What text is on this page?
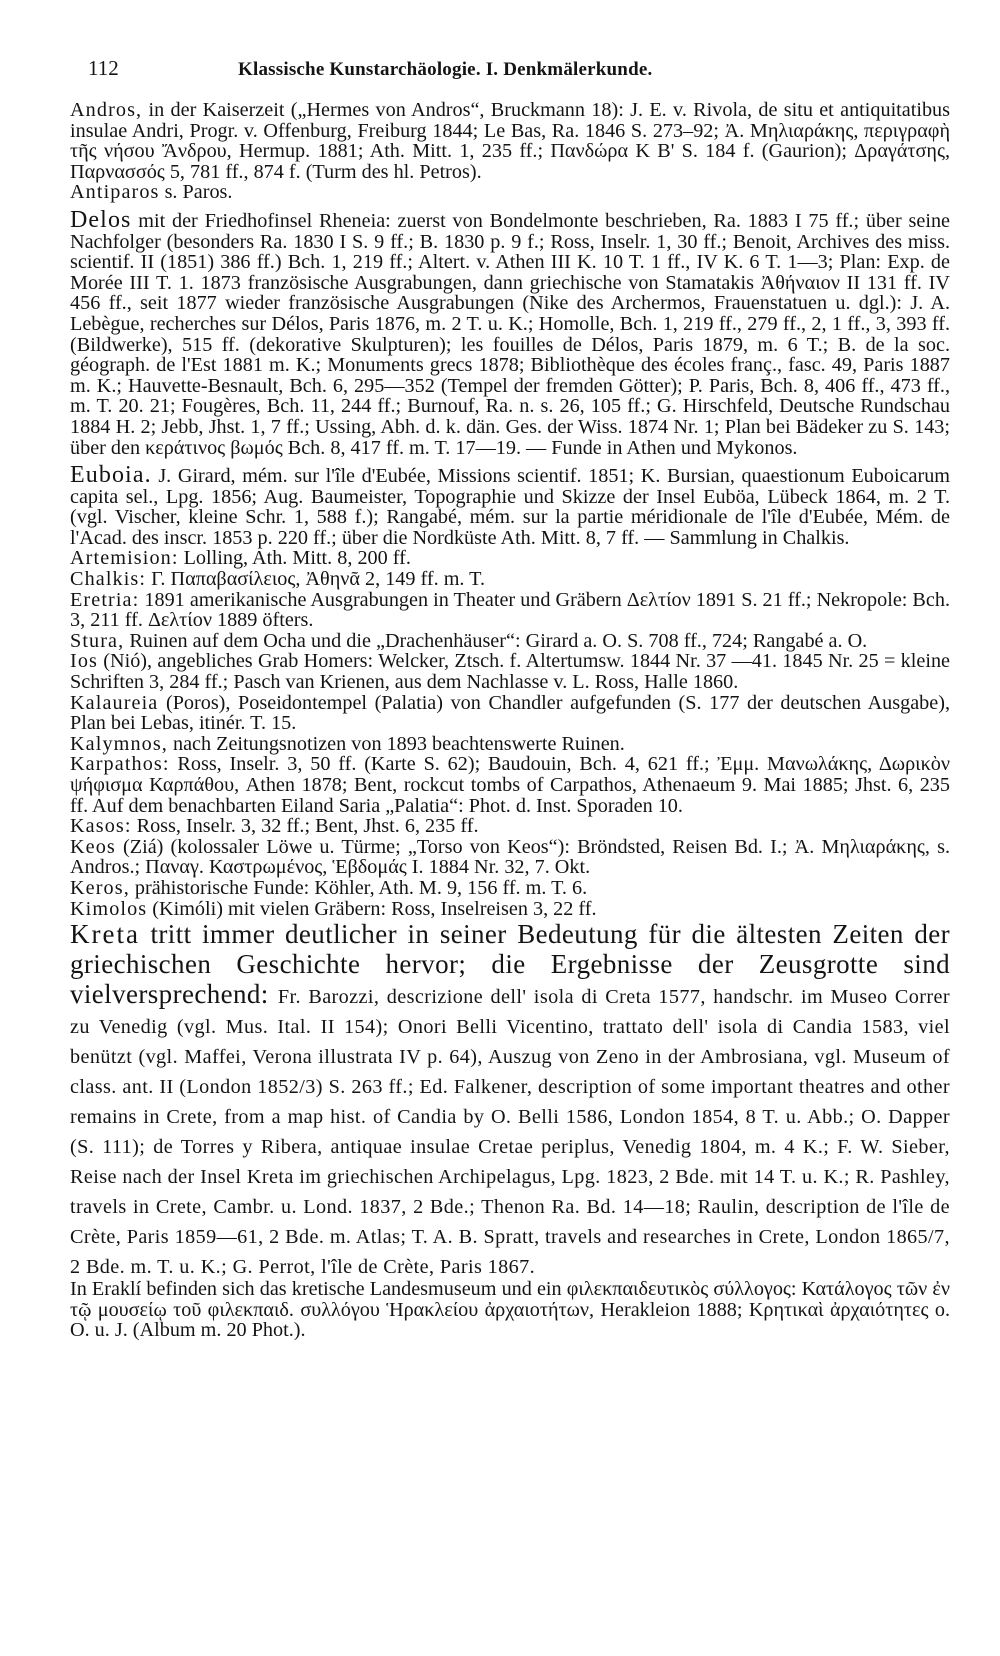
112	Klassische Kunstarchäologie. I. Denkmälerkunde.

Andros, in der Kaiserzeit („Hermes von Andros“, Bruckmann 18): J. E. v. Rivola, de situ et antiquitatibus insulae Andri, Progr. v. Offenburg, Freiburg 1844; Le Bas, Ra. 1846 S. 273–92; Ἀ. Μηλιαράκης, περιγραφὴ τῆς νήσου Ἄνδρου, Hermup. 1881; Ath. Mitt. 1, 235 ff.; Πανδώρα Κ Β' S. 184 f. (Gaurion); Δραγάτσης, Παρνασσός 5, 781 ff., 874 f. (Turm des hl. Petros).

Antiparos s. Paros.

Delos mit der Friedhofinsel Rheneia: zuerst von Bondelmonte beschrieben, Ra. 1883 I 75 ff.; über seine Nachfolger (besonders Ra. 1830 I S. 9 ff.; B. 1830 p. 9 f.; Ross, Inselr. 1, 30 ff.; Benoit, Archives des miss. scientif. II (1851) 386 ff.) Bch. 1, 219 ff.; Altert. v. Athen III K. 10 T. 1 ff., IV K. 6 T. 1—3; Plan: Exp. de Morée III T. 1. 1873 französische Ausgrabungen, dann griechische von Stamatakis Ἀθήναιον II 131 ff. IV 456 ff., seit 1877 wieder französische Ausgrabungen (Nike des Archermos, Frauenstatuen u. dgl.): J. A. Lebègue, recherches sur Délos, Paris 1876, m. 2 T. u. K.; Homolle, Bch. 1, 219 ff., 279 ff., 2, 1 ff., 3, 393 ff. (Bildwerke), 515 ff. (dekorative Skulpturen); les fouilles de Délos, Paris 1879, m. 6 T.; B. de la soc. géograph. de l'Est 1881 m. K.; Monuments grecs 1878; Bibliothèque des écoles franç., fasc. 49, Paris 1887 m. K.; Hauvette-Besnault, Bch. 6, 295—352 (Tempel der fremden Götter); P. Paris, Bch. 8, 406 ff., 473 ff., m. T. 20. 21; Fougères, Bch. 11, 244 ff.; Burnouf, Ra. n. s. 26, 105 ff.; G. Hirschfeld, Deutsche Rundschau 1884 H. 2; Jebb, Jhst. 1, 7 ff.; Ussing, Abh. d. k. dän. Ges. der Wiss. 1874 Nr. 1; Plan bei Bädeker zu S. 143; über den κεράτινος βωμός Bch. 8, 417 ff. m. T. 17—19. — Funde in Athen und Mykonos.

Euboia. J. Girard, mém. sur l'île d'Eubée, Missions scientif. 1851; K. Bursian, quaestionum Euboicarum capita sel., Lpg. 1856; Aug. Baumeister, Topographie und Skizze der Insel Euböa, Lübeck 1864, m. 2 T. (vgl. Vischer, kleine Schr. 1, 588 f.); Rangabé, mém. sur la partie méridionale de l'île d'Eubée, Mém. de l'Acad. des inscr. 1853 p. 220 ff.; über die Nordküste Ath. Mitt. 8, 7 ff. — Sammlung in Chalkis.

Artemision: Lolling, Ath. Mitt. 8, 200 ff.

Chalkis: Γ. Παπαβασίλειος, Ἀθηνᾶ 2, 149 ff. m. T.

Eretria: 1891 amerikanische Ausgrabungen in Theater und Gräbern Δελτίον 1891 S. 21 ff.; Nekropole: Bch. 3, 211 ff. Δελτίον 1889 öfters.

Stura, Ruinen auf dem Ocha und die „Drachenhäuser“: Girard a. O. S. 708 ff., 724; Rangabé a. O.

Ios (Nió), angebliches Grab Homers: Welcker, Ztsch. f. Altertumsw. 1844 Nr. 37 —41. 1845 Nr. 25 = kleine Schriften 3, 284 ff.; Pasch van Krienen, aus dem Nachlasse v. L. Ross, Halle 1860.

Kalaureia (Poros), Poseidontempel (Palatia) von Chandler aufgefunden (S. 177 der deutschen Ausgabe), Plan bei Lebas, itinér. T. 15.

Kalymnos, nach Zeitungsnotizen von 1893 beachtenswerte Ruinen.

Karpathos: Ross, Inselr. 3, 50 ff. (Karte S. 62); Baudouin, Bch. 4, 621 ff.; Ἐμμ. Μανωλάκης, Δωρικὸν ψήφισμα Καρπάθου, Athen 1878; Bent, rockcut tombs of Carpathos, Athenaeum 9. Mai 1885; Jhst. 6, 235 ff. Auf dem benachbarten Eiland Saria „Palatia“: Phot. d. Inst. Sporaden 10.

Kasos: Ross, Inselr. 3, 32 ff.; Bent, Jhst. 6, 235 ff.

Keos (Ziá) (kolossaler Löwe u. Türme; „Torso von Keos“): Bröndsted, Reisen Bd. I.; Ἀ. Μηλιαράκης, s. Andros.; Παναγ. Καστρωμένος, Ἑβδομάς Ι. 1884 Nr. 32, 7. Okt.

Keros, prähistorische Funde: Köhler, Ath. M. 9, 156 ff. m. T. 6.

Kimolos (Kimóli) mit vielen Gräbern: Ross, Inselreisen 3, 22 ff.

Kreta tritt immer deutlicher in seiner Bedeutung für die ältesten Zeiten der griechischen Geschichte hervor; die Ergebnisse der Zeusgrotte sind vielversprechend: Fr. Barozzi, descrizione dell' isola di Creta 1577, handschr. im Museo Correr zu Venedig (vgl. Mus. Ital. II 154); Onori Belli Vicentino, trattato dell' isola di Candia 1583, viel benützt (vgl. Maffei, Verona illustrata IV p. 64), Auszug von Zeno in der Ambrosiana, vgl. Museum of class. ant. II (London 1852/3) S. 263 ff.; Ed. Falkener, description of some important theatres and other remains in Crete, from a map hist. of Candia by O. Belli 1586, London 1854, 8 T. u. Abb.; O. Dapper (S. 111); de Torres y Ribera, antiquae insulae Cretae periplus, Venedig 1804, m. 4 K.; F. W. Sieber, Reise nach der Insel Kreta im griechischen Archipelagus, Lpg. 1823, 2 Bde. mit 14 T. u. K.; R. Pashley, travels in Crete, Cambr. u. Lond. 1837, 2 Bde.; Thenon Ra. Bd. 14—18; Raulin, description de l'île de Crète, Paris 1859—61, 2 Bde. m. Atlas; T. A. B. Spratt, travels and researches in Crete, London 1865/7, 2 Bde. m. T. u. K.; G. Perrot, l'île de Crète, Paris 1867.

In Eraklí befinden sich das kretische Landesmuseum und ein φιλεκπαιδευτικὸς σύλλογος: Κατάλογος τῶν ἐν τῷ μουσείῳ τοῦ φιλεκπαιδ. συλλόγου Ἡρακλείου ἀρχαιοτήτων, Herakleion 1888; Κρητικαὶ ἀρχαιότητες o. O. u. J. (Album m. 20 Phot.).
